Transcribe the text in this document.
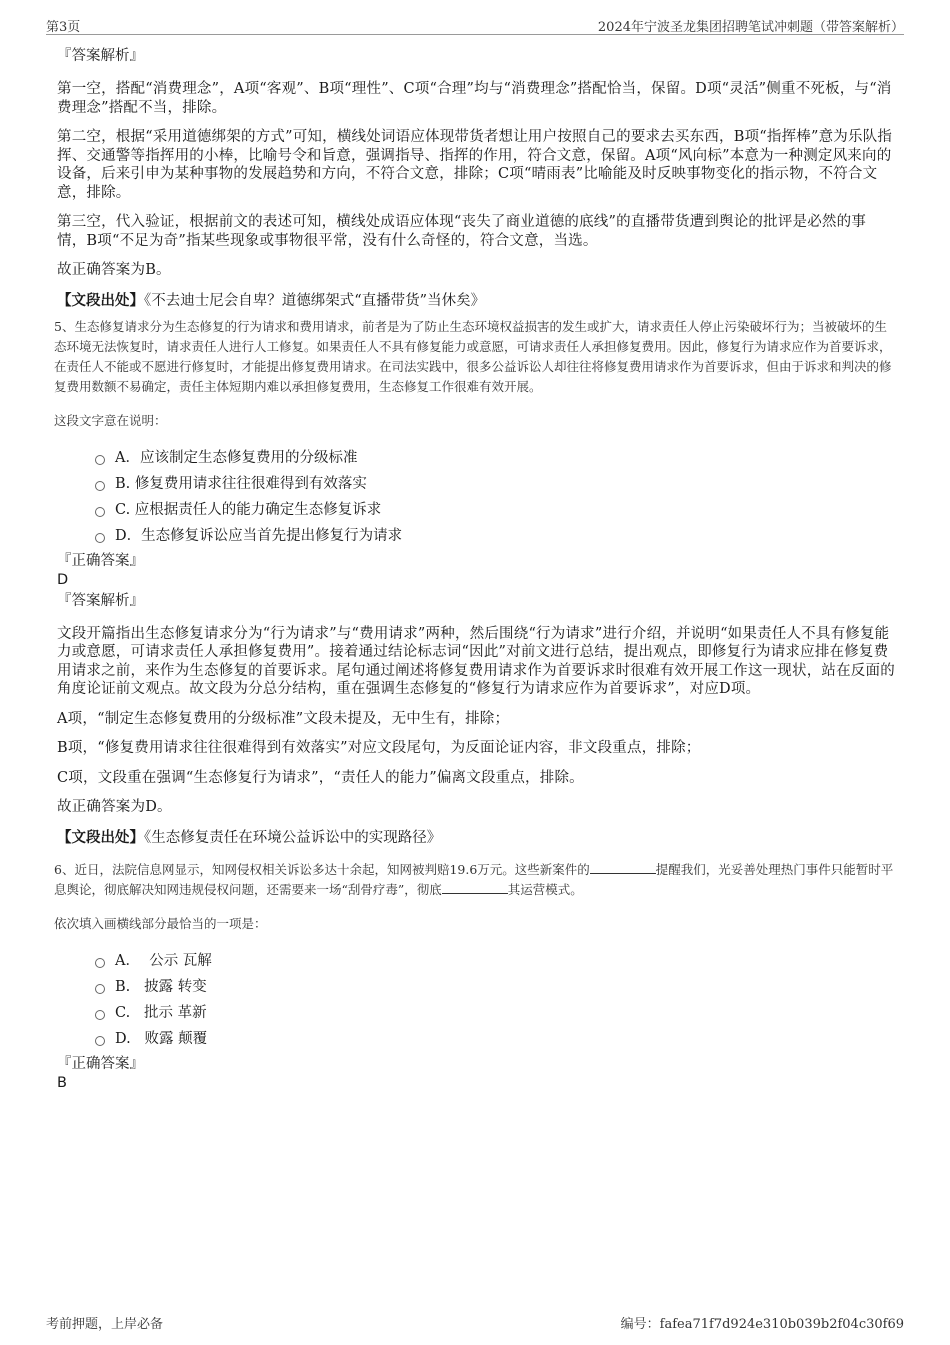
第3页	2024年宁波圣龙集团招聘笔试冲刺题（带答案解析）
『答案解析』

第一空，搭配“消费理念”，A项“客观”、B项“理性”、C项“合理”均与“消费理念”搭配恰当，保留。D项“灵活”侧重不死板，与“消费理念”搭配不当，排除。

第二空，根据“采用道德绑架的方式”可知，横线处词语应体现带货者想让用户按照自己的要求去买东西，B项“指挥棒”意为乐队指挥、交通警等指挥用的小棒，比喻号令和旨意，强调指导、指挥的作用，符合文意，保留。A项“风向标”本意为一种测定风来向的设备，后来引申为某种事物的发展趋势和方向，不符合文意，排除；C项“晴雨表”比喻能及时反映事物变化的指示物，不符合文意，排除。

第三空，代入验证，根据前文的表述可知，横线处成语应体现“丧失了商业道德的底线”的直播带货遭到舆论的批评是必然的事情，B项“不足为奇”指某些现象或事物很平常，没有什么奇怪的，符合文意，当选。

故正确答案为B。

【文段出处】《不去迪士尼会自卑？道德绑架式“直播带货”当休矣》
5、生态修复请求分为生态修复的行为请求和费用请求，前者是为了防止生态环境权益损害的发生或扩大，请求责任人停止污染破坏行为；当被破坏的生态环境无法恢复时，请求责任人进行人工修复。如果责任人不具有修复能力或意愿，可请求责任人承担修复费用。因此，修复行为请求应作为首要诉求，在责任人不能或不愿进行修复时，才能提出修复费用请求。在司法实践中，很多公益诉讼人却往往将修复费用请求作为首要诉求，但由于诉求和判决的修复费用数额不易确定，责任主体短期内难以承担修复费用，生态修复工作很难有效开展。
这段文字意在说明：
A．应该制定生态修复费用的分级标准
B. 修复费用请求往往很难得到有效落实
C. 应根据责任人的能力确定生态修复诉求
D．生态修复诉讼应当首先提出修复行为请求
『正确答案』
D
『答案解析』

文段开篇指出生态修复请求分为“行为请求”与“费用请求”两种，然后围绕“行为请求”进行介绍，并说明“如果责任人不具有修复能力或意愿，可请求责任人承担修复费用”。接着通过结论标志词“因此”对前文进行总结，提出观点，即修复行为请求应排在修复费用请求之前，来作为生态修复的首要诉求。尾句通过阐述将修复费用请求作为首要诉求时很难有效开展工作这一现状，站在反面的角度论证前文观点。故文段为分总分结构，重在强调生态修复的“修复行为请求应作为首要诉求”，对应D项。

A项，“制定生态修复费用的分级标准”文段未提及，无中生有，排除；

B项，“修复费用请求往往很难得到有效落实”对应文段尾句，为反面论证内容，非文段重点，排除；

C项，文段重在强调“生态修复行为请求”，“责任人的能力”偏离文段重点，排除。

故正确答案为D。

【文段出处】《生态修复责任在环境公益诉讼中的实现路径》
6、近日，法院信息网显示，知网侵权相关诉讼多达十余起，知网被判赔19.6万元。这些新案件的	提醒我们，光妥善处理热门事件只能暂时平息舆论，彻底解决知网违规侵权问题，还需要来一场“刮骨疗毒”，彻底	其运营模式。
依次填入画横线部分最恰当的一项是：
A．  公示 瓦解
B.   披露 转变
C.   批示 革新
D.   败露 颠覆
『正确答案』
B
考前押题，上岸必备	编号：fafea71f7d924e310b039b2f04c30f69
